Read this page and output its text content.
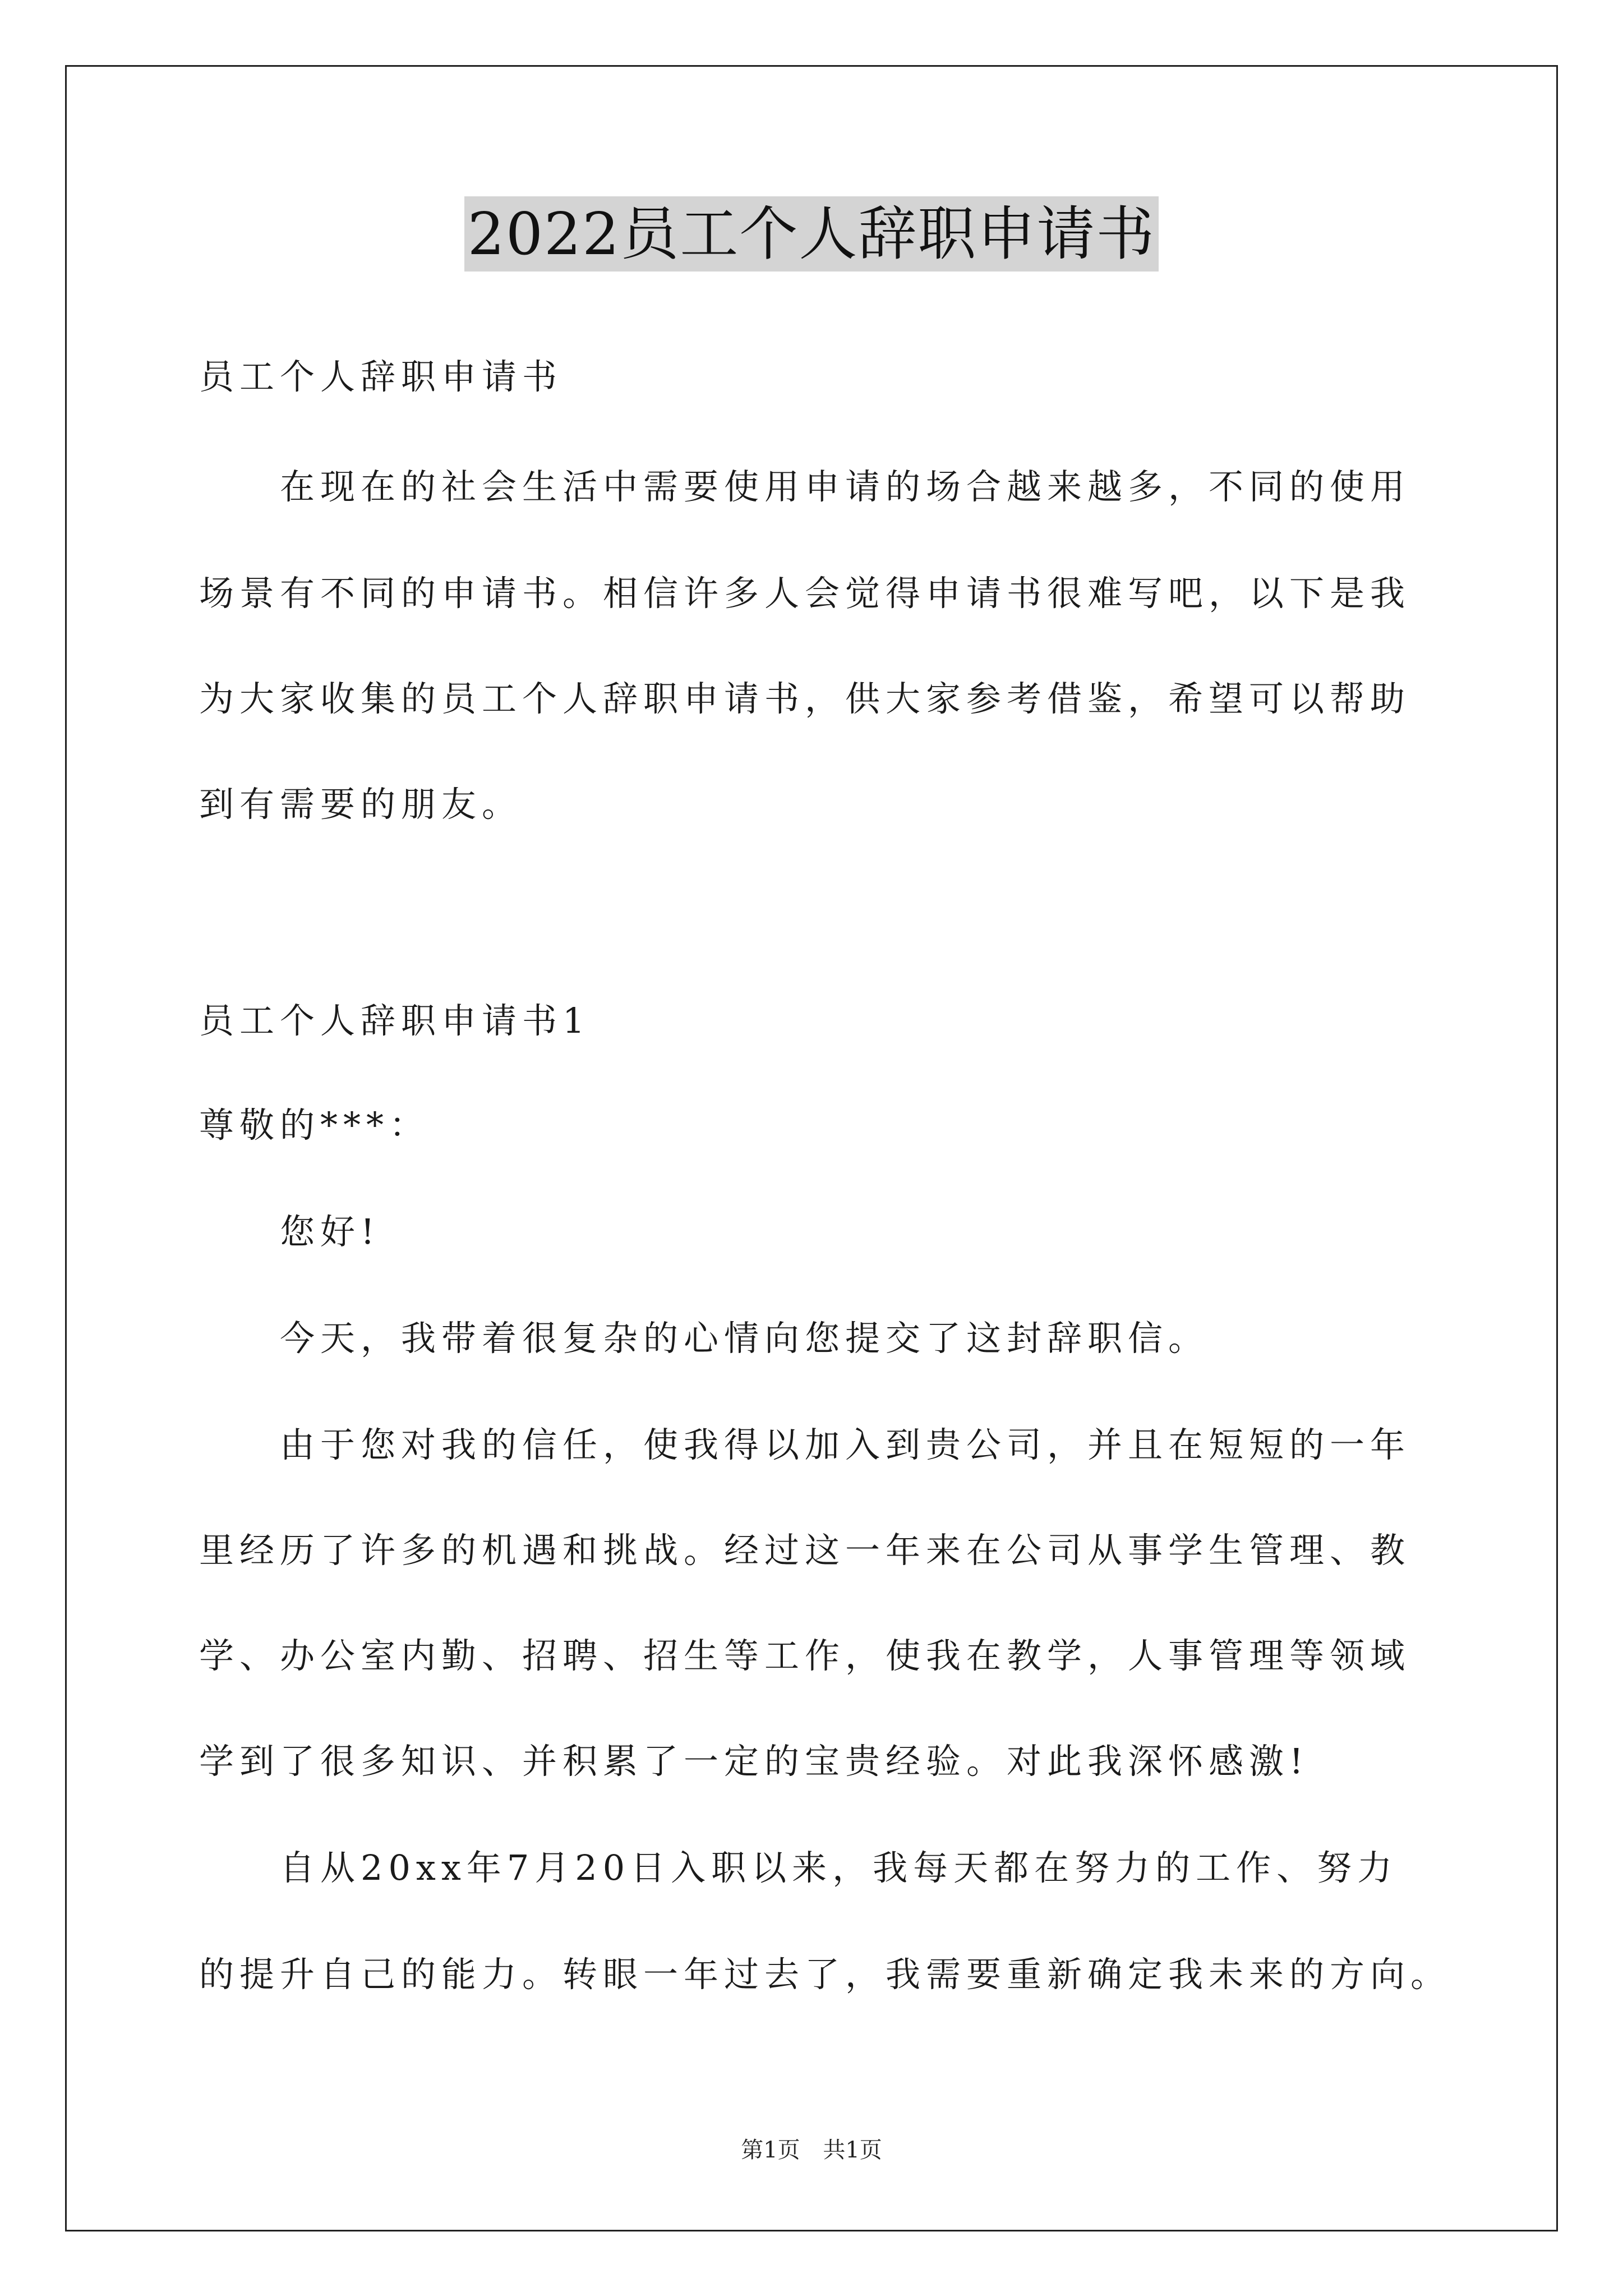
2022员工个人辞职申请书

员工个人辞职申请书

　　在现在的社会生活中需要使用申请的场合越来越多，不同的使用

场景有不同的申请书。相信许多人会觉得申请书很难写吧，以下是我

为大家收集的员工个人辞职申请书，供大家参考借鉴，希望可以帮助

到有需要的朋友。

员工个人辞职申请书1

尊敬的***：

　　您好!

　　今天，我带着很复杂的心情向您提交了这封辞职信。

　　由于您对我的信任，使我得以加入到贵公司，并且在短短的一年

里经历了许多的机遇和挑战。经过这一年来在公司从事学生管理、教

学、办公室内勤、招聘、招生等工作，使我在教学，人事管理等领域

学到了很多知识、并积累了一定的宝贵经验。对此我深怀感激!

　　自从20xx年7月20日入职以来，我每天都在努力的工作、努力

的提升自己的能力。转眼一年过去了，我需要重新确定我未来的方向。

第1页 共1页
